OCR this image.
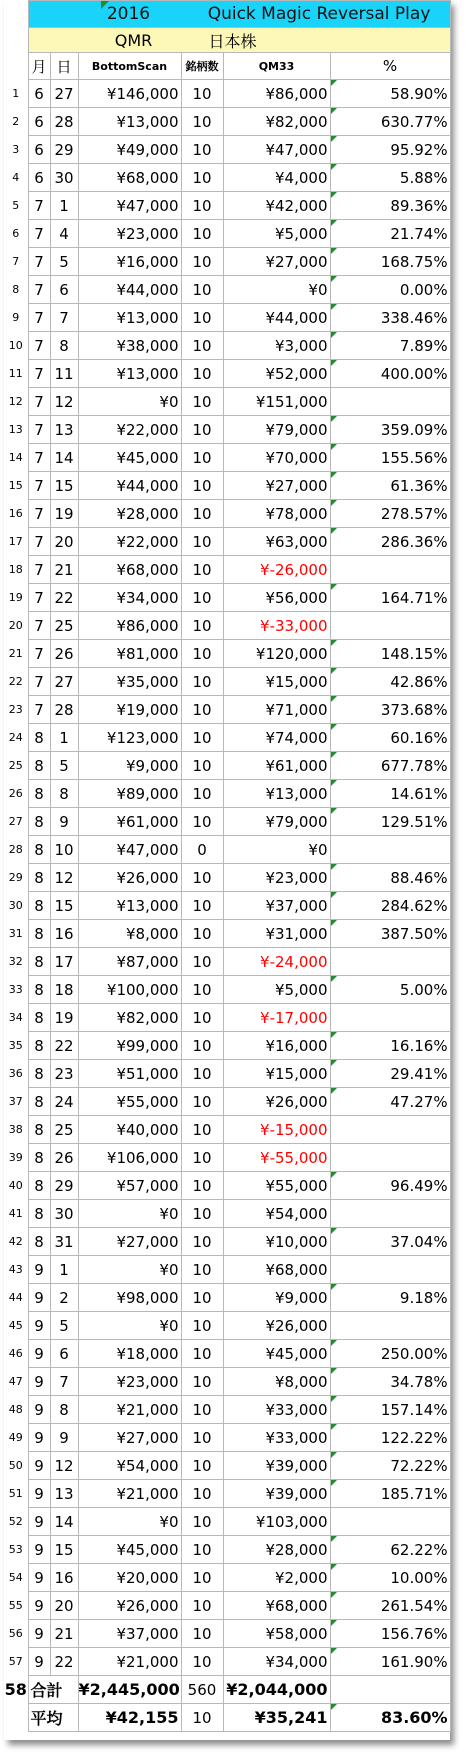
	2016 Quick Magic Reversal Play					

	QMR 日本株					

	月	日	BottomScan	銘柄数	QM33	%
1	6	27	¥146,000	10	¥86,000	58.90%
2	6	28	¥13,000	10	¥82,000	630.77%
3	6	29	¥49,000	10	¥47,000	95.92%
4	6	30	¥68,000	10	¥4,000	5.88%
5	7	1	¥47,000	10	¥42,000	89.36%
6	7	4	¥23,000	10	¥5,000	21.74%
7	7	5	¥16,000	10	¥27,000	168.75%
8	7	6	¥44,000	10	¥0	0.00%
9	7	7	¥13,000	10	¥44,000	338.46%
10	7	8	¥38,000	10	¥3,000	7.89%
11	7	11	¥13,000	10	¥52,000	400.00%
12	7	12	¥0	10	¥151,000	
13	7	13	¥22,000	10	¥79,000	359.09%
14	7	14	¥45,000	10	¥70,000	155.56%
15	7	15	¥44,000	10	¥27,000	61.36%
16	7	19	¥28,000	10	¥78,000	278.57%
17	7	20	¥22,000	10	¥63,000	286.36%
18	7	21	¥68,000	10	¥-26,000	
19	7	22	¥34,000	10	¥56,000	164.71%
20	7	25	¥86,000	10	¥-33,000	
21	7	26	¥81,000	10	¥120,000	148.15%
22	7	27	¥35,000	10	¥15,000	42.86%
23	7	28	¥19,000	10	¥71,000	373.68%
24	8	1	¥123,000	10	¥74,000	60.16%
25	8	5	¥9,000	10	¥61,000	677.78%
26	8	8	¥89,000	10	¥13,000	14.61%
27	8	9	¥61,000	10	¥79,000	129.51%
28	8	10	¥47,000	0	¥0	
29	8	12	¥26,000	10	¥23,000	88.46%
30	8	15	¥13,000	10	¥37,000	284.62%
31	8	16	¥8,000	10	¥31,000	387.50%
32	8	17	¥87,000	10	¥-24,000	
33	8	18	¥100,000	10	¥5,000	5.00%
34	8	19	¥82,000	10	¥-17,000	
35	8	22	¥99,000	10	¥16,000	16.16%
36	8	23	¥51,000	10	¥15,000	29.41%
37	8	24	¥55,000	10	¥26,000	47.27%
38	8	25	¥40,000	10	¥-15,000	
39	8	26	¥106,000	10	¥-55,000	
40	8	29	¥57,000	10	¥55,000	96.49%
41	8	30	¥0	10	¥54,000	
42	8	31	¥27,000	10	¥10,000	37.04%
43	9	1	¥0	10	¥68,000	
44	9	2	¥98,000	10	¥9,000	9.18%
45	9	5	¥0	10	¥26,000	
46	9	6	¥18,000	10	¥45,000	250.00%
47	9	7	¥23,000	10	¥8,000	34.78%
48	9	8	¥21,000	10	¥33,000	157.14%
49	9	9	¥27,000	10	¥33,000	122.22%
50	9	12	¥54,000	10	¥39,000	72.22%
51	9	13	¥21,000	10	¥39,000	185.71%
52	9	14	¥0	10	¥103,000	
53	9	15	¥45,000	10	¥28,000	62.22%
54	9	16	¥20,000	10	¥2,000	10.00%
55	9	20	¥26,000	10	¥68,000	261.54%
56	9	21	¥37,000	10	¥58,000	156.76%
57	9	22	¥21,000	10	¥34,000	161.90%
58	合計		¥2,445,000	560	¥2,044,000	
	平均		¥42,155	10	¥35,241	83.60%
